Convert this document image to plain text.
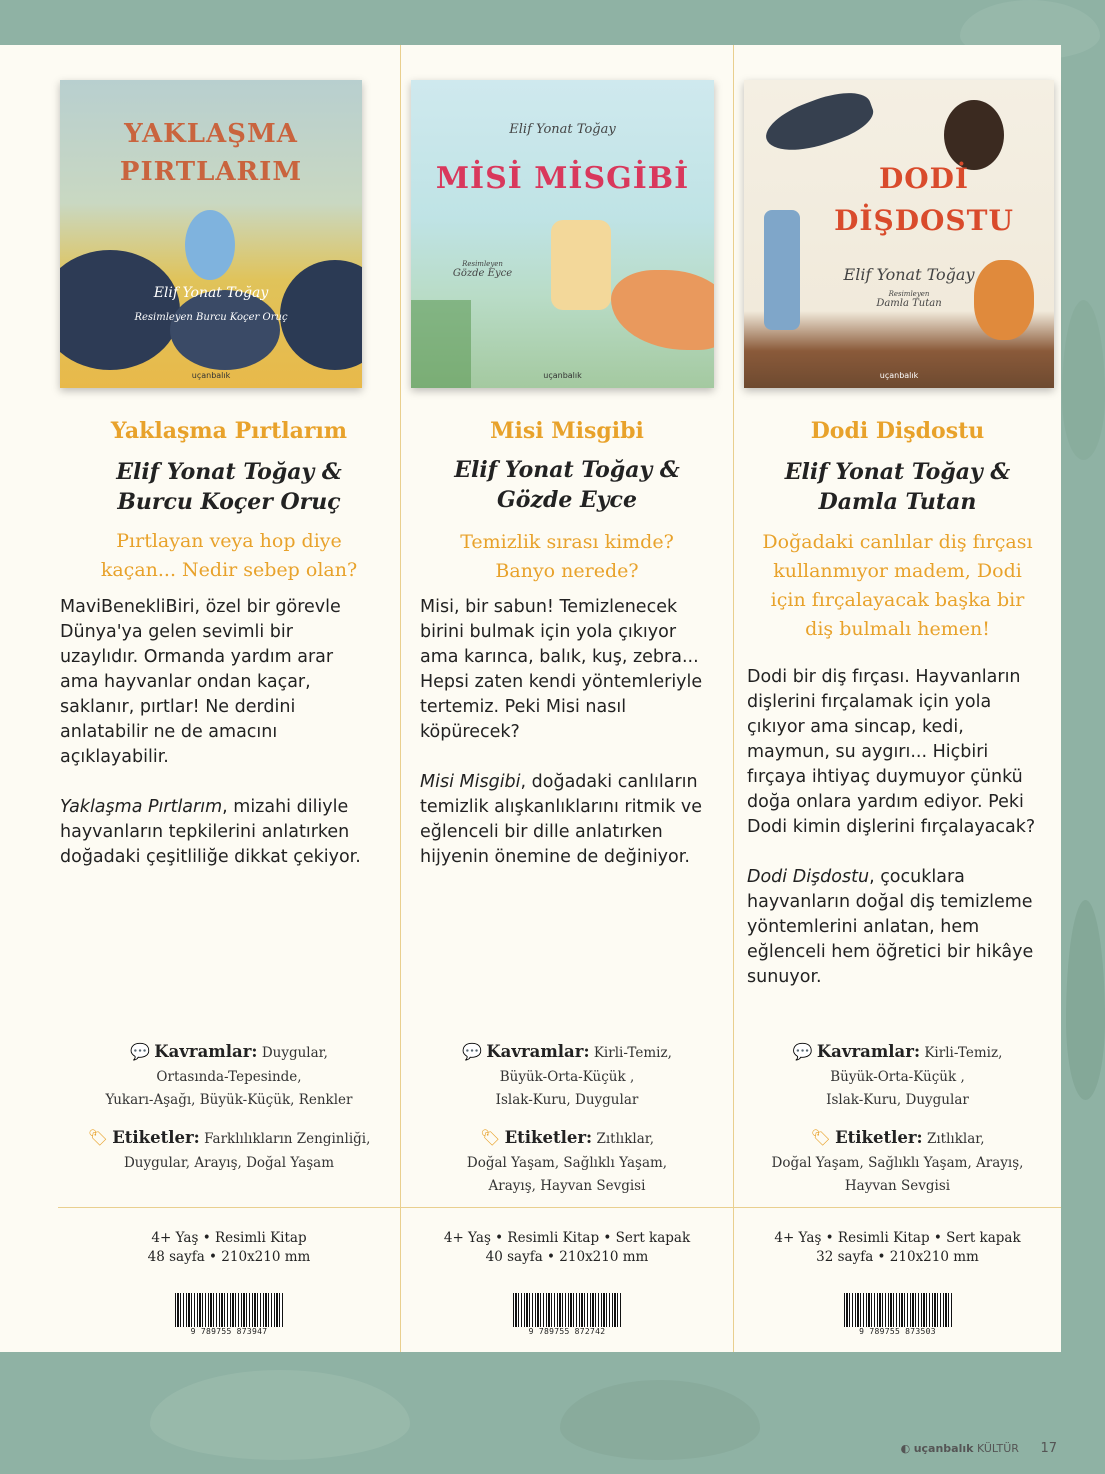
YAKLAŞMA
PIRTLARIM
Elif Yonat Toğay
Resimleyen Burcu Koçer Oruç
uçanbalık
Yaklaşma Pırtlarım
Elif Yonat Toğay &
Burcu Koçer Oruç
Pırtlayan veya hop diye
kaçan... Nedir sebep olan?

MaviBenekliBiri, özel bir görevle Dünya'ya gelen sevimli bir uzaylıdır. Ormanda yardım arar ama hayvanlar ondan kaçar, saklanır, pırtlar! Ne derdini anlatabilir ne de amacını açıklayabilir.

Yaklaşma Pırtlarım, mizahi diliyle hayvanların tepkilerini anlatırken doğadaki çeşitliliğe dikkat çekiyor.

💬 Kavramlar: Duygular,
Ortasında-Tepesinde,
Yukarı-Aşağı, Büyük-Küçük, Renkler
🏷 Etiketler: Farklılıkların Zenginliği,
Duygular, Arayış, Doğal Yaşam
4+ Yaş • Resimli Kitap
48 sayfa • 210x210 mm
9 789755 873947
Elif Yonat Toğay
MİSİ MİSGİBİ
Resimleyen
Gözde Eyce
uçanbalık
Misi Misgibi
Elif Yonat Toğay &
Gözde Eyce
Temizlik sırası kimde?
Banyo nerede?

Misi, bir sabun! Temizlenecek birini bulmak için yola çıkıyor ama karınca, balık, kuş, zebra... Hepsi zaten kendi yöntemleriyle tertemiz. Peki Misi nasıl köpürecek?

Misi Misgibi, doğadaki canlıların temizlik alışkanlıklarını ritmik ve eğlenceli bir dille anlatırken hijyenin önemine de değiniyor.

💬 Kavramlar: Kirli-Temiz,
Büyük-Orta-Küçük ,
Islak-Kuru, Duygular
🏷 Etiketler: Zıtlıklar,
Doğal Yaşam, Sağlıklı Yaşam,
Arayış, Hayvan Sevgisi
4+ Yaş • Resimli Kitap • Sert kapak
40 sayfa • 210x210 mm
9 789755 872742
DODİ
DİŞDOSTU
Elif Yonat Toğay
Resimleyen
Damla Tutan
uçanbalık
Dodi Dişdostu
Elif Yonat Toğay &
Damla Tutan
Doğadaki canlılar diş fırçası
kullanmıyor madem, Dodi
için fırçalayacak başka bir
diş bulmalı hemen!

Dodi bir diş fırçası. Hayvanların dişlerini fırçalamak için yola çıkıyor ama sincap, kedi, maymun, su aygırı... Hiçbiri fırçaya ihtiyaç duymuyor çünkü doğa onlara yardım ediyor. Peki Dodi kimin dişlerini fırçalayacak?

Dodi Dişdostu, çocuklara hayvanların doğal diş temizleme yöntemlerini anlatan, hem eğlenceli hem öğretici bir hikâye sunuyor.

💬 Kavramlar: Kirli-Temiz,
Büyük-Orta-Küçük ,
Islak-Kuru, Duygular
🏷 Etiketler: Zıtlıklar,
Doğal Yaşam, Sağlıklı Yaşam, Arayış,
Hayvan Sevgisi
4+ Yaş • Resimli Kitap • Sert kapak
32 sayfa • 210x210 mm
9 789755 873503
◐ uçanbalık KÜLTÜR 17
